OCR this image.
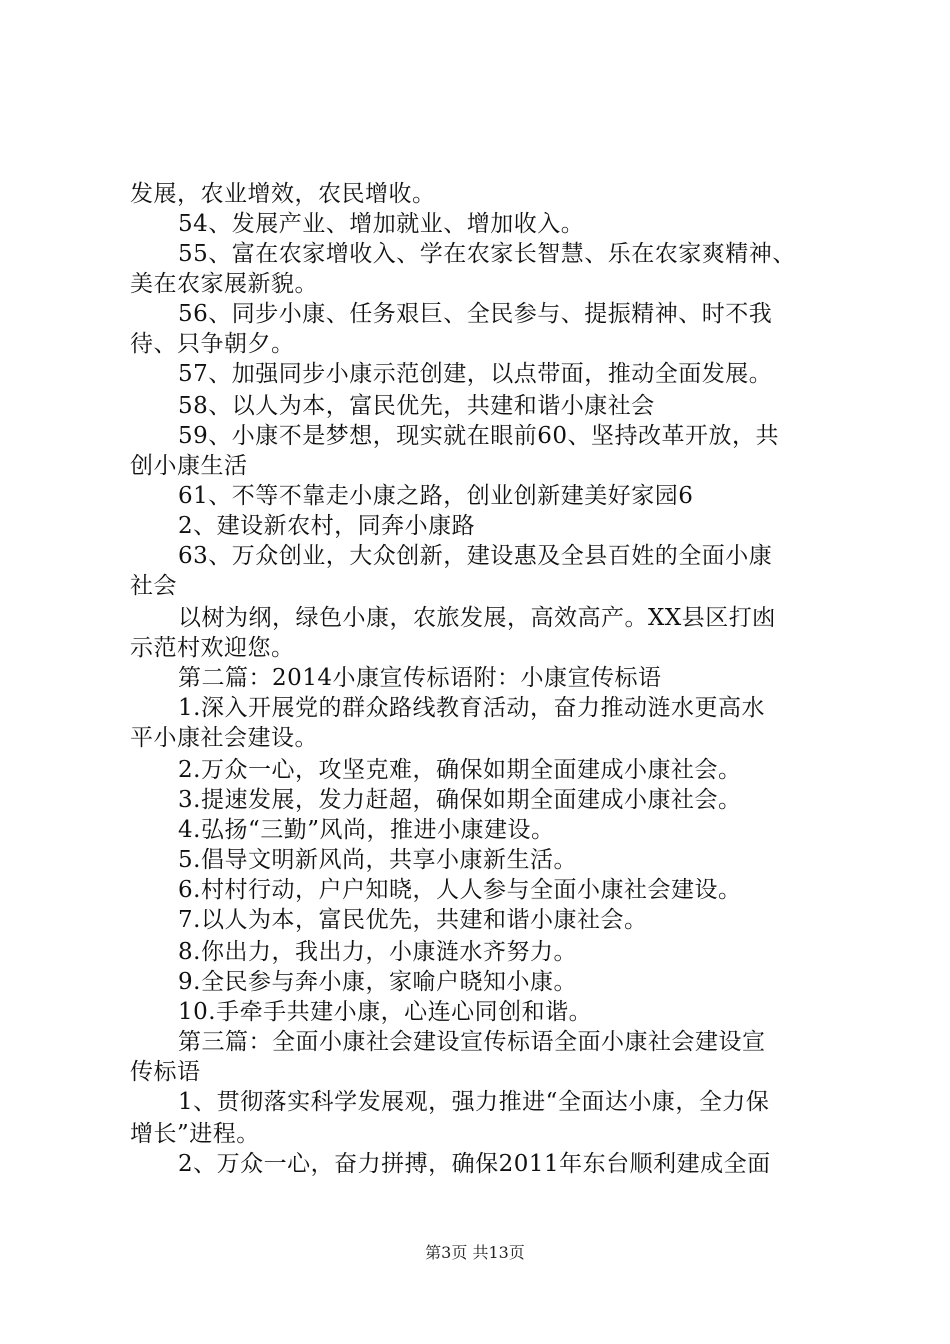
发展，农业增效，农民增收。
54、发展产业、增加就业、增加收入。
55、富在农家增收入、学在农家长智慧、乐在农家爽精神、
美在农家展新貌。
56、同步小康、任务艰巨、全民参与、提振精神、时不我
待、只争朝夕。
57、加强同步小康示范创建，以点带面，推动全面发展。
58、以人为本，富民优先，共建和谐小康社会
59、小康不是梦想，现实就在眼前60、坚持改革开放，共
创小康生活
61、不等不靠走小康之路，创业创新建美好家园6
2、建设新农村，同奔小康路
63、万众创业，大众创新，建设惠及全县百姓的全面小康
社会
以树为纲，绿色小康，农旅发展，高效高产。XX县区打凼
示范村欢迎您。
第二篇：2014小康宣传标语附：小康宣传标语
1.深入开展党的群众路线教育活动，奋力推动涟水更高水
平小康社会建设。
2.万众一心，攻坚克难，确保如期全面建成小康社会。
3.提速发展，发力赶超，确保如期全面建成小康社会。
4.弘扬“三勤”风尚，推进小康建设。
5.倡导文明新风尚，共享小康新生活。
6.村村行动，户户知晓，人人参与全面小康社会建设。
7.以人为本，富民优先，共建和谐小康社会。
8.你出力，我出力，小康涟水齐努力。
9.全民参与奔小康，家喻户晓知小康。
10.手牵手共建小康，心连心同创和谐。
第三篇：全面小康社会建设宣传标语全面小康社会建设宣
传标语
1、贯彻落实科学发展观，强力推进“全面达小康，全力保
增长”进程。
2、万众一心，奋力拼搏，确保2011年东台顺利建成全面
第3页 共13页
